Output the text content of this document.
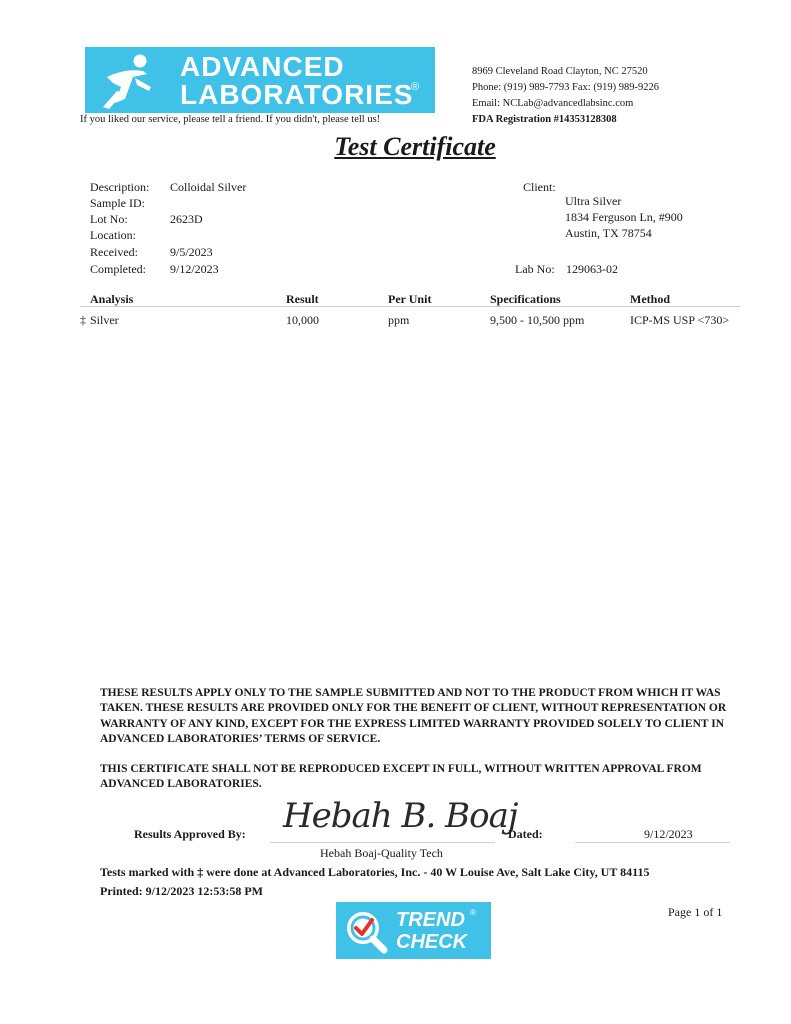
ADVANCED
LABORATORIES
®
If you liked our service, please tell a friend. If you didn't, please tell us!
8969 Cleveland Road Clayton, NC 27520
Phone: (919) 989-7793 Fax: (919) 989-9226
Email: NCLab@advancedlabsinc.com
FDA Registration #14353128308
Test Certificate
Description: Colloidal Silver
Sample ID:
Lot No:	2623D
Location:
Received:	9/5/2023
Completed: 9/12/2023
Client:
Ultra Silver
1834 Ferguson Ln, #900
Austin, TX 78754
Lab No: 129063-02
Analysis	Result	Per Unit	Specifications	Method
‡ Silver	10,000	ppm	9,500 - 10,500 ppm	ICP-MS USP <730>
THESE RESULTS APPLY ONLY TO THE SAMPLE SUBMITTED AND NOT TO THE PRODUCT FROM WHICH IT WAS TAKEN. THESE RESULTS ARE PROVIDED ONLY FOR THE BENEFIT OF CLIENT, WITHOUT REPRESENTATION OR WARRANTY OF ANY KIND, EXCEPT FOR THE EXPRESS LIMITED WARRANTY PROVIDED SOLELY TO CLIENT IN ADVANCED LABORATORIES’ TERMS OF SERVICE.
THIS CERTIFICATE SHALL NOT BE REPRODUCED EXCEPT IN FULL, WITHOUT WRITTEN APPROVAL FROM ADVANCED LABORATORIES.
Results Approved By: Hebah B. Boaj
Hebah Boaj-Quality Tech
Dated:	9/12/2023
Tests marked with ‡ were done at Advanced Laboratories, Inc. - 40 W Louise Ave, Salt Lake City, UT 84115
Printed: 9/12/2023 12:53:58 PM
Page 1 of 1
TREND
CHECK
®
